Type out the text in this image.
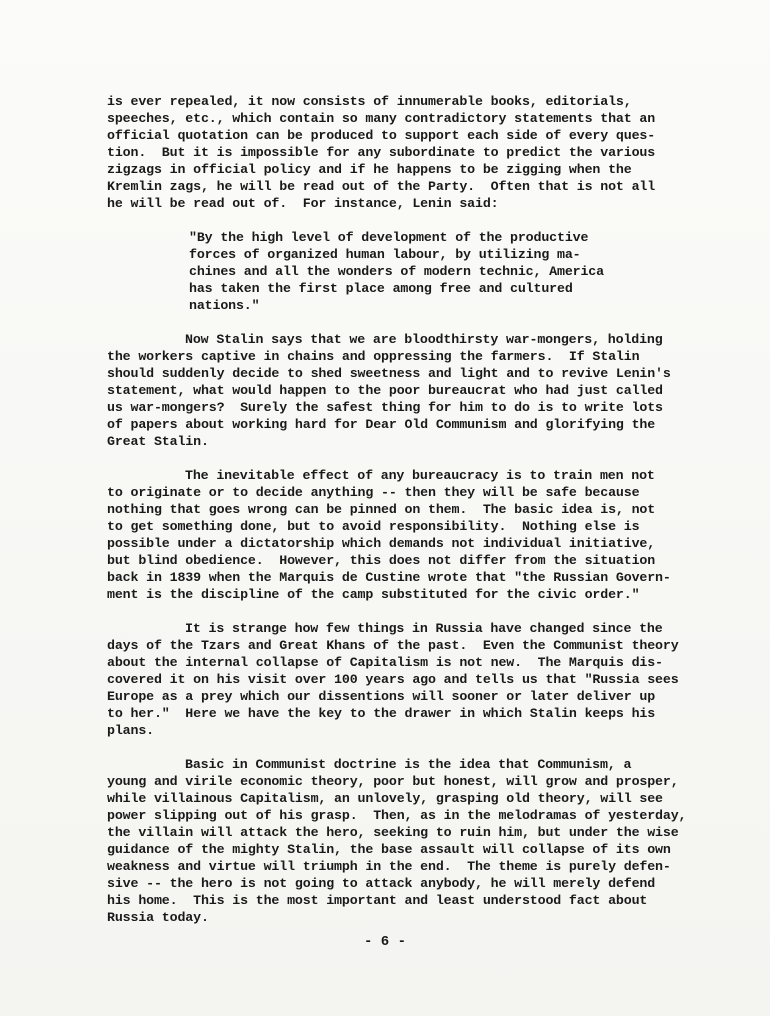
is ever repealed, it now consists of innumerable books, editorials,
speeches, etc., which contain so many contradictory statements that an
official quotation can be produced to support each side of every ques-
tion.  But it is impossible for any subordinate to predict the various
zigzags in official policy and if he happens to be zigging when the
Kremlin zags, he will be read out of the Party.  Often that is not all
he will be read out of.  For instance, Lenin said:
"By the high level of development of the productive
forces of organized human labour, by utilizing ma-
chines and all the wonders of modern technic, America
has taken the first place among free and cultured
nations."
Now Stalin says that we are bloodthirsty war-mongers, holding
the workers captive in chains and oppressing the farmers.  If Stalin
should suddenly decide to shed sweetness and light and to revive Lenin's
statement, what would happen to the poor bureaucrat who had just called
us war-mongers?  Surely the safest thing for him to do is to write lots
of papers about working hard for Dear Old Communism and glorifying the
Great Stalin.
The inevitable effect of any bureaucracy is to train men not
to originate or to decide anything -- then they will be safe because
nothing that goes wrong can be pinned on them.  The basic idea is, not
to get something done, but to avoid responsibility.  Nothing else is
possible under a dictatorship which demands not individual initiative,
but blind obedience.  However, this does not differ from the situation
back in 1839 when the Marquis de Custine wrote that "the Russian Govern-
ment is the discipline of the camp substituted for the civic order."
It is strange how few things in Russia have changed since the
days of the Tzars and Great Khans of the past.  Even the Communist theory
about the internal collapse of Capitalism is not new.  The Marquis dis-
covered it on his visit over 100 years ago and tells us that "Russia sees
Europe as a prey which our dissentions will sooner or later deliver up
to her."  Here we have the key to the drawer in which Stalin keeps his
plans.
Basic in Communist doctrine is the idea that Communism, a
young and virile economic theory, poor but honest, will grow and prosper,
while villainous Capitalism, an unlovely, grasping old theory, will see
power slipping out of his grasp.  Then, as in the melodramas of yesterday,
the villain will attack the hero, seeking to ruin him, but under the wise
guidance of the mighty Stalin, the base assault will collapse of its own
weakness and virtue will triumph in the end.  The theme is purely defen-
sive -- the hero is not going to attack anybody, he will merely defend
his home.  This is the most important and least understood fact about
Russia today.
- 6 -
